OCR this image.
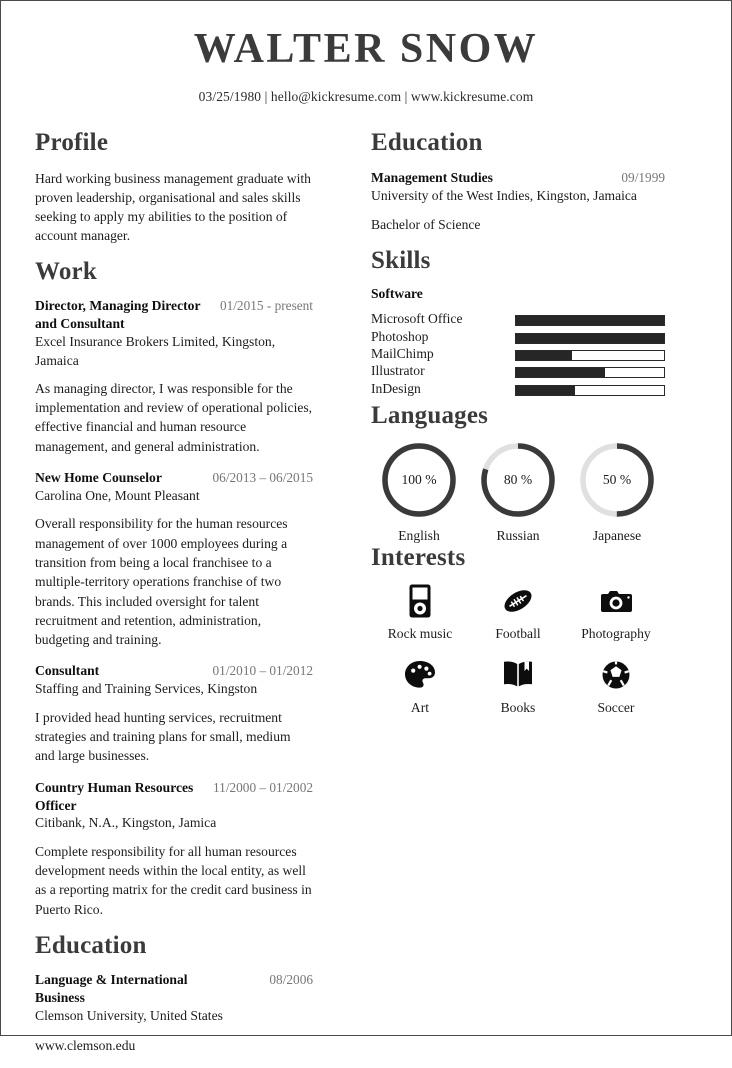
WALTER SNOW
03/25/1980 | hello@kickresume.com | www.kickresume.com
Profile

Hard working business management graduate with proven leadership, organisational and sales skills seeking to apply my abilities to the position of account manager.

Work
Director, Managing Director and Consultant
01/2015 - present
Excel Insurance Brokers Limited, Kingston, Jamaica
As managing director, I was responsible for the implementation and review of operational policies, effective financial and human resource management, and general administration.
New Home Counselor	06/2013 – 06/2015
Carolina One, Mount Pleasant
Overall responsibility for the human resources management of over 1000 employees during a transition from being a local franchisee to a multiple-territory operations franchise of two brands. This included oversight for talent recruitment and retention, administration, budgeting and training.
Consultant	01/2010 – 01/2012
Staffing and Training Services, Kingston
I provided head hunting services, recruitment strategies and training plans for small, medium and large businesses.
Country Human Resources Officer
11/2000 – 01/2002
Citibank, N.A., Kingston, Jamica
Complete responsibility for all human resources development needs within the local entity, as well as a reporting matrix for the credit card business in Puerto Rico.
Education
Language & International Business
08/2006
Clemson University, United States
www.clemson.edu
Education
Management Studies	09/1999
University of the West Indies, Kingston, Jamaica
Bachelor of Science
Skills
Software
Microsoft Office
Photoshop
MailChimp
Illustrator
InDesign
Languages
100 %
English
80 %
Russian
50 %
Japanese
Interests
Rock music	Football	Photography
Art	Books	Soccer
